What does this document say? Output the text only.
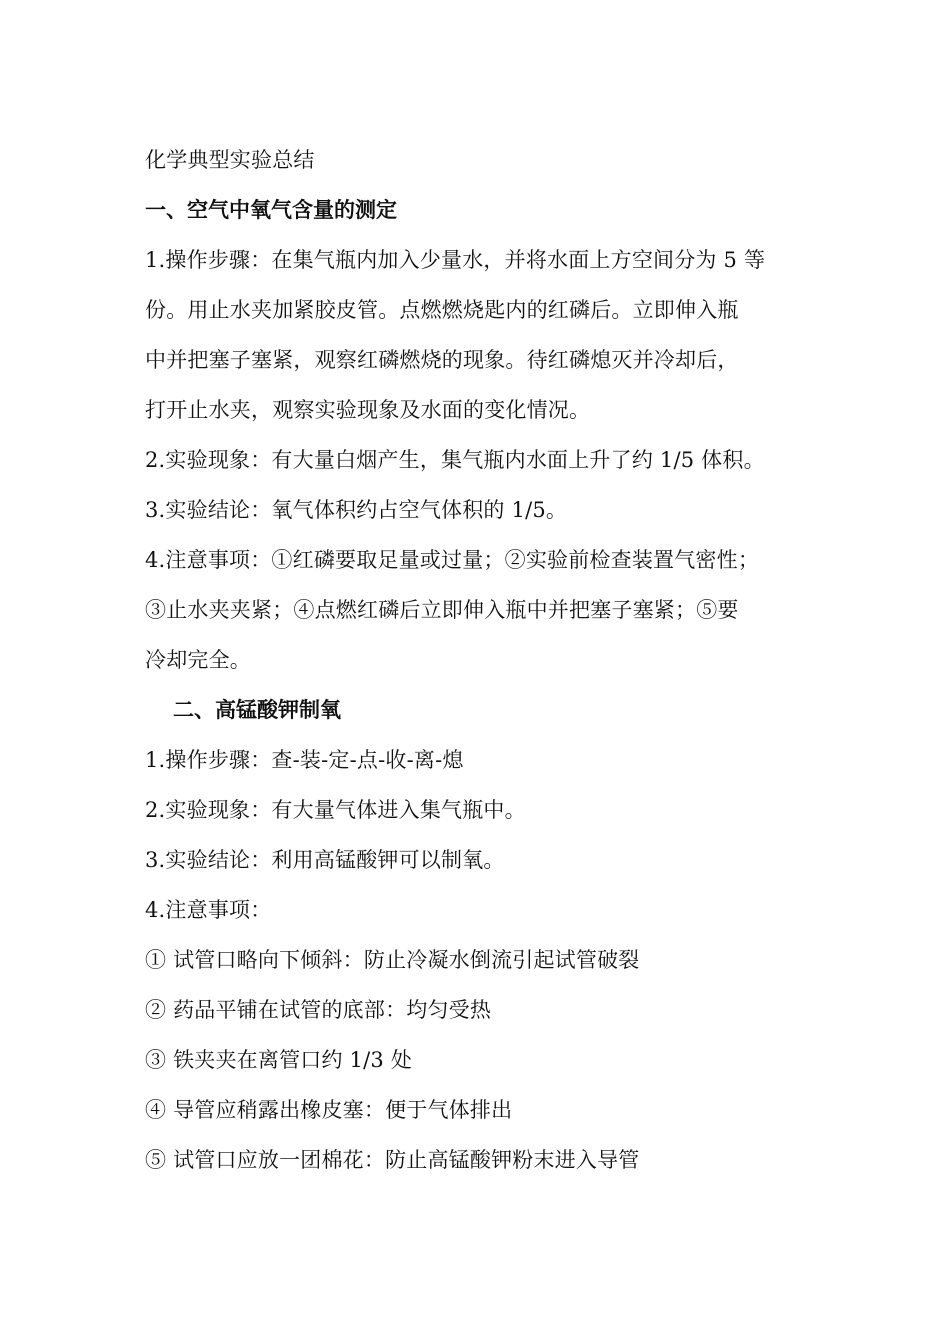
化学典型实验总结
一、空气中氧气含量的测定
1.操作步骤：在集气瓶内加入少量水，并将水面上方空间分为 5 等
份。用止水夹加紧胶皮管。点燃燃烧匙内的红磷后。立即伸入瓶
中并把塞子塞紧，观察红磷燃烧的现象。待红磷熄灭并冷却后，
打开止水夹，观察实验现象及水面的变化情况。
2.实验现象：有大量白烟产生，集气瓶内水面上升了约 1/5 体积。
3.实验结论：氧气体积约占空气体积的 1/5。
4.注意事项：①红磷要取足量或过量；②实验前检查装置气密性；
③止水夹夹紧；④点燃红磷后立即伸入瓶中并把塞子塞紧；⑤要
冷却完全。
二、高锰酸钾制氧
1.操作步骤：查-装-定-点-收-离-熄
2.实验现象：有大量气体进入集气瓶中。
3.实验结论：利用高锰酸钾可以制氧。
4.注意事项：
① 试管口略向下倾斜：防止冷凝水倒流引起试管破裂
② 药品平铺在试管的底部：均匀受热
③ 铁夹夹在离管口约 1/3 处
④ 导管应稍露出橡皮塞：便于气体排出
⑤ 试管口应放一团棉花：防止高锰酸钾粉末进入导管
